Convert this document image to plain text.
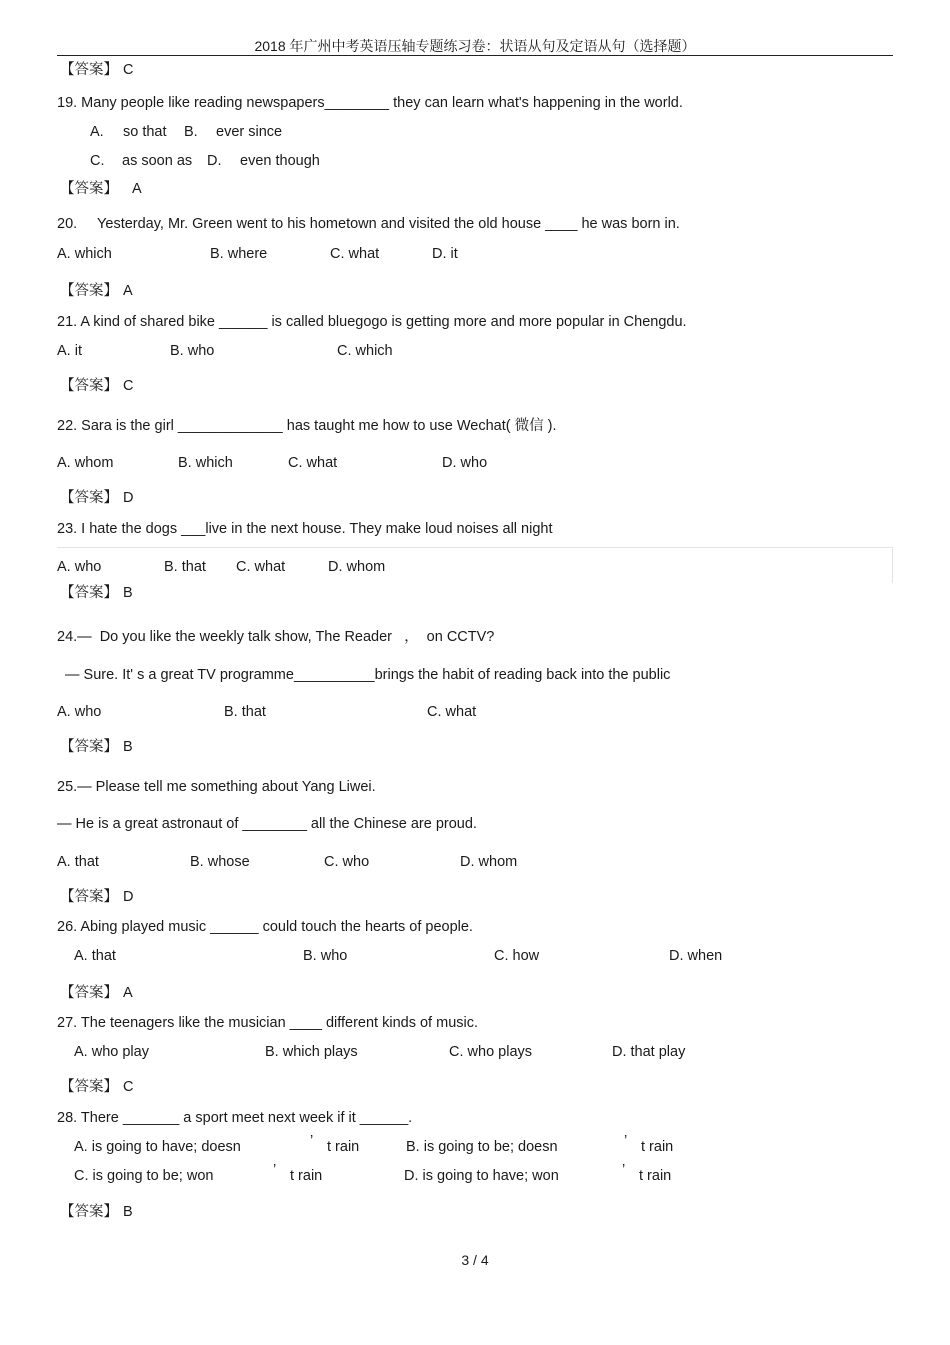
2018 年广州中考英语压轴专题练习卷：状语从句及定语从句（选择题）
【答案】 C
19. Many people like reading newspapers________ they can learn what's happening in the world.
A. so that B. ever since
C. as soon as D. even though
【答案】 A
20.     Yesterday, Mr. Green went to his hometown and visited the old house ____ he was born in.
A. which	B. where	C. what	D. it
【答案】 A
21. A kind of shared bike ______ is called bluegogo is getting more and more popular in Chengdu.
A. it	B. who	C. which
【答案】 C
22. Sara is the girl _____________ has taught me how to use Wechat( 微信 ).
A. whom	B. which	C. what	D. who
【答案】 D
23. I hate the dogs ___live in the next house. They make loud noises all night
A. who	B. that C. what	D. whom
【答案】 B
24.—  Do you like the weekly talk show, The Reader   ，  on CCTV?
— Sure. It' s a great TV programme__________brings the habit of reading back into the public
A. who	B. that	C. what
【答案】 B
25.— Please tell me something about Yang Liwei.
— He is a great astronaut of ________ all the Chinese are proud.
A. that	B. whose	C. who	D. whom
【答案】 D
26. Abing played music ______ could touch the hearts of people.
A. that	B. who	C. how	D. when
【答案】 A
27. The teenagers like the musician ____ different kinds of music.
A. who play	B. which plays	C. who plays	D. that play
【答案】 C
28. There _______ a sport meet next week if it ______.
A. is going to have; doesn	’ t rain	B. is going to be; doesn	’ t rain
C. is going to be; won	’ t rain	D. is going to have; won	’ t rain
【答案】 B
3 / 4
